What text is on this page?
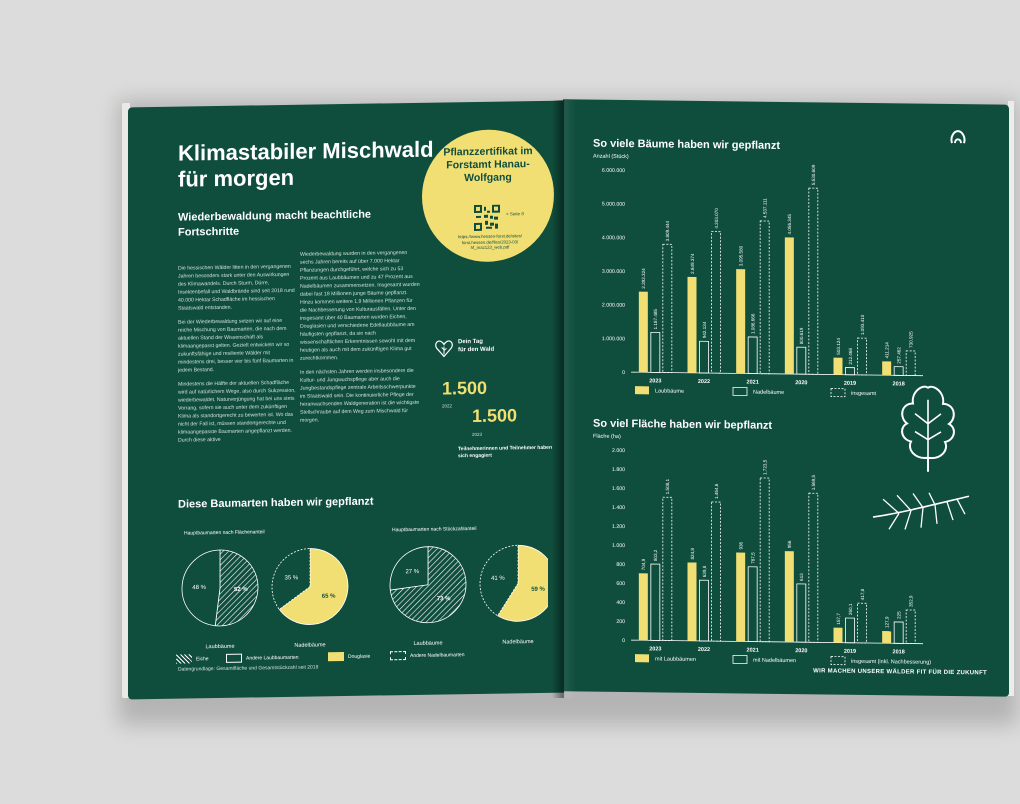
Klimastabiler Mischwald für morgen
Wiederbewaldung macht beachtliche Fortschritte

Die hessischen Wälder litten in den vergangenen Jahren besonders stark unter den Auswirkungen des Klimawandels. Durch Sturm, Dürre, Insektenbefall und Waldbrände sind seit 2018 rund 40.000 Hektar Schadfläche im hessischen Staatswald entstanden.

Bei der Wiederbewaldung setzen wir auf eine reiche Mischung von Baumarten, die nach dem aktuellen Stand der Wissenschaft als klimaangepasst gelten. Gezielt entwickeln wir so zukunftsfähige und resiliente Wälder mit mindestens drei, besser vier bis fünf Baumarten in jedem Bestand.

Mindestens die Hälfte der aktuellen Schadfläche wird auf natürlichem Wege, also durch Sukzession, wiederbewaldet. Naturverjüngung hat bei uns stets Vorrang, sofern sie auch unter dem zukünftigen Klima als standortgerecht zu bewerten ist. Wo das nicht der Fall ist, müssen standortgerechte und klimaangepasste Baumarten angepflanzt werden. Durch diese aktive

Wiederbewaldung wurden in den vergangenen sechs Jahren bereits auf über 7.000 Hektar Pflanzungen durchgeführt, welche sich zu 53 Prozent aus Laubbäumen und zu 47 Prozent aus Nadelbäumen zusammensetzen. Insgesamt wurden dabei fast 18 Millionen junge Bäume gepflanzt. Hinzu kommen weitere 1,9 Millionen Pflanzen für die Nachbesserung von Kulturausfällen. Unter den insgesamt über 40 Baumarten wurden Eichen, Douglasien und verschiedene Edellaubbäume am häufigsten gepflanzt, da sie nach wissenschaftlichen Erkenntnissen sowohl mit dem heutigen als auch mit dem zukünftigen Klima gut zurechtkommen.

In den nächsten Jahren werden insbesondere die Kultur- und Jungwuchspflege aber auch die Jungbestandspflege zentrale Arbeitsschwerpunkte im Staatswald sein. Die kontinuierliche Pflege der heranwachsenden Waldgeneration ist die wichtigste Stellschraube auf dem Weg zum Mischwald für morgen.

Pflanzzertifikat im Forstamt Hanau-Wolfgang
> Seite 8
https://www.hessen-forst.de/sites/
forst.hessen.de/files/2023-03/
hf_maz123_web.pdf
Dein Tag
für den Wald
1.500
2022 1.500
2023
Teilnehmerinnen und Teilnehmer haben sich engagiert
Diese Baumarten haben wir gepflanzt
Hauptbaumarten nach Flächenanteil	Hauptbaumarten nach Stückzahlanteil
52 %
48 %
65 %
35 %
73 %
27 %
59 %
41 %
Laubbäume	Nadelbäume	Laubbäume	Nadelbäume
Eiche	Andere Laubbaumarten	Douglasie	Andere Nadelbaumarten
Datengrundlage: Gesamtfläche und Gesamtstückzahl seit 2018
So viele Bäume haben wir gepflanzt
Anzahl (Stück)
0
1.000.000
2.000.000
3.000.000
4.000.000
5.000.000
6.000.000
2.392.324
1.187.485
3.809.444
2023
2.849.374
942.134
4.203.070
2022
3.095.580
1.086.666
4.537.111
2021
4.056.345
800.619
5.530.609
2020
503.124
212.468
1.093.410
2019
411.214 257.462
730.925
2018
Laubbäume	Nadelbäume	insgesamt
So viel Fläche haben wir bepflanzt
Fläche (ha)
0
200
400
600
800
1.000
1.200
1.400
1.600
1.800
2.000
704,9
803,2
1.508,1
2023
824,8
639,8
1.464,6
2022
936
787,5
1.723,5
2021
956
613
1.569,5
2020
157,7
260,1
417,8
2019
127,9
225
352,9
2018
mit Laubbäumen	mit Nadelbäumen	insgesamt (inkl. Nachbesserung)
WIR MACHEN UNSERE WÄLDER FIT FÜR DIE ZUKUNFT
